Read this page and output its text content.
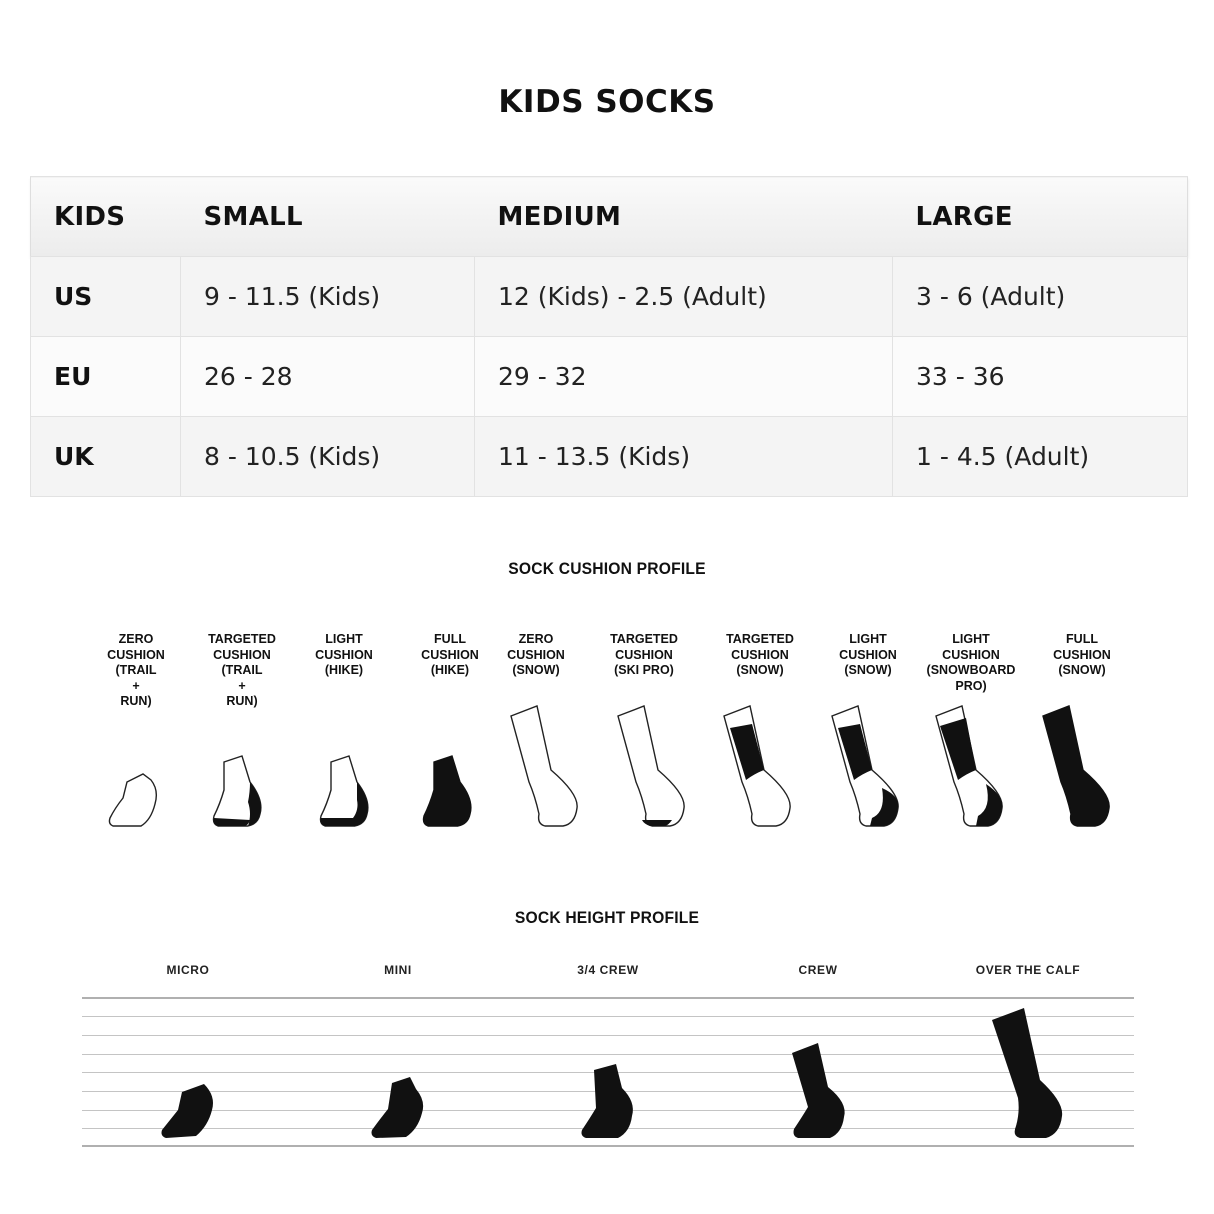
KIDS SOCKS
KIDS	SMALL	MEDIUM	LARGE
US	9 - 11.5 (Kids)	12 (Kids) - 2.5 (Adult)	3 - 6 (Adult)
EU	26 - 28	29 - 32	33 - 36
UK	8 - 10.5 (Kids)	11 - 13.5 (Kids)	1 - 4.5 (Adult)
SOCK CUSHION PROFILE
ZERO
CUSHION
(TRAIL
+
RUN)
TARGETED
CUSHION
(TRAIL
+
RUN)
LIGHT
CUSHION
(HIKE)
FULL
CUSHION
(HIKE)
ZERO
CUSHION
(SNOW)
TARGETED
CUSHION
(SKI PRO)
TARGETED
CUSHION
(SNOW)
LIGHT
CUSHION
(SNOW)
LIGHT
CUSHION
(SNOWBOARD
PRO)
FULL
CUSHION
(SNOW)
SOCK HEIGHT PROFILE
MICRO	MINI	3/4 CREW	CREW	OVER THE CALF
